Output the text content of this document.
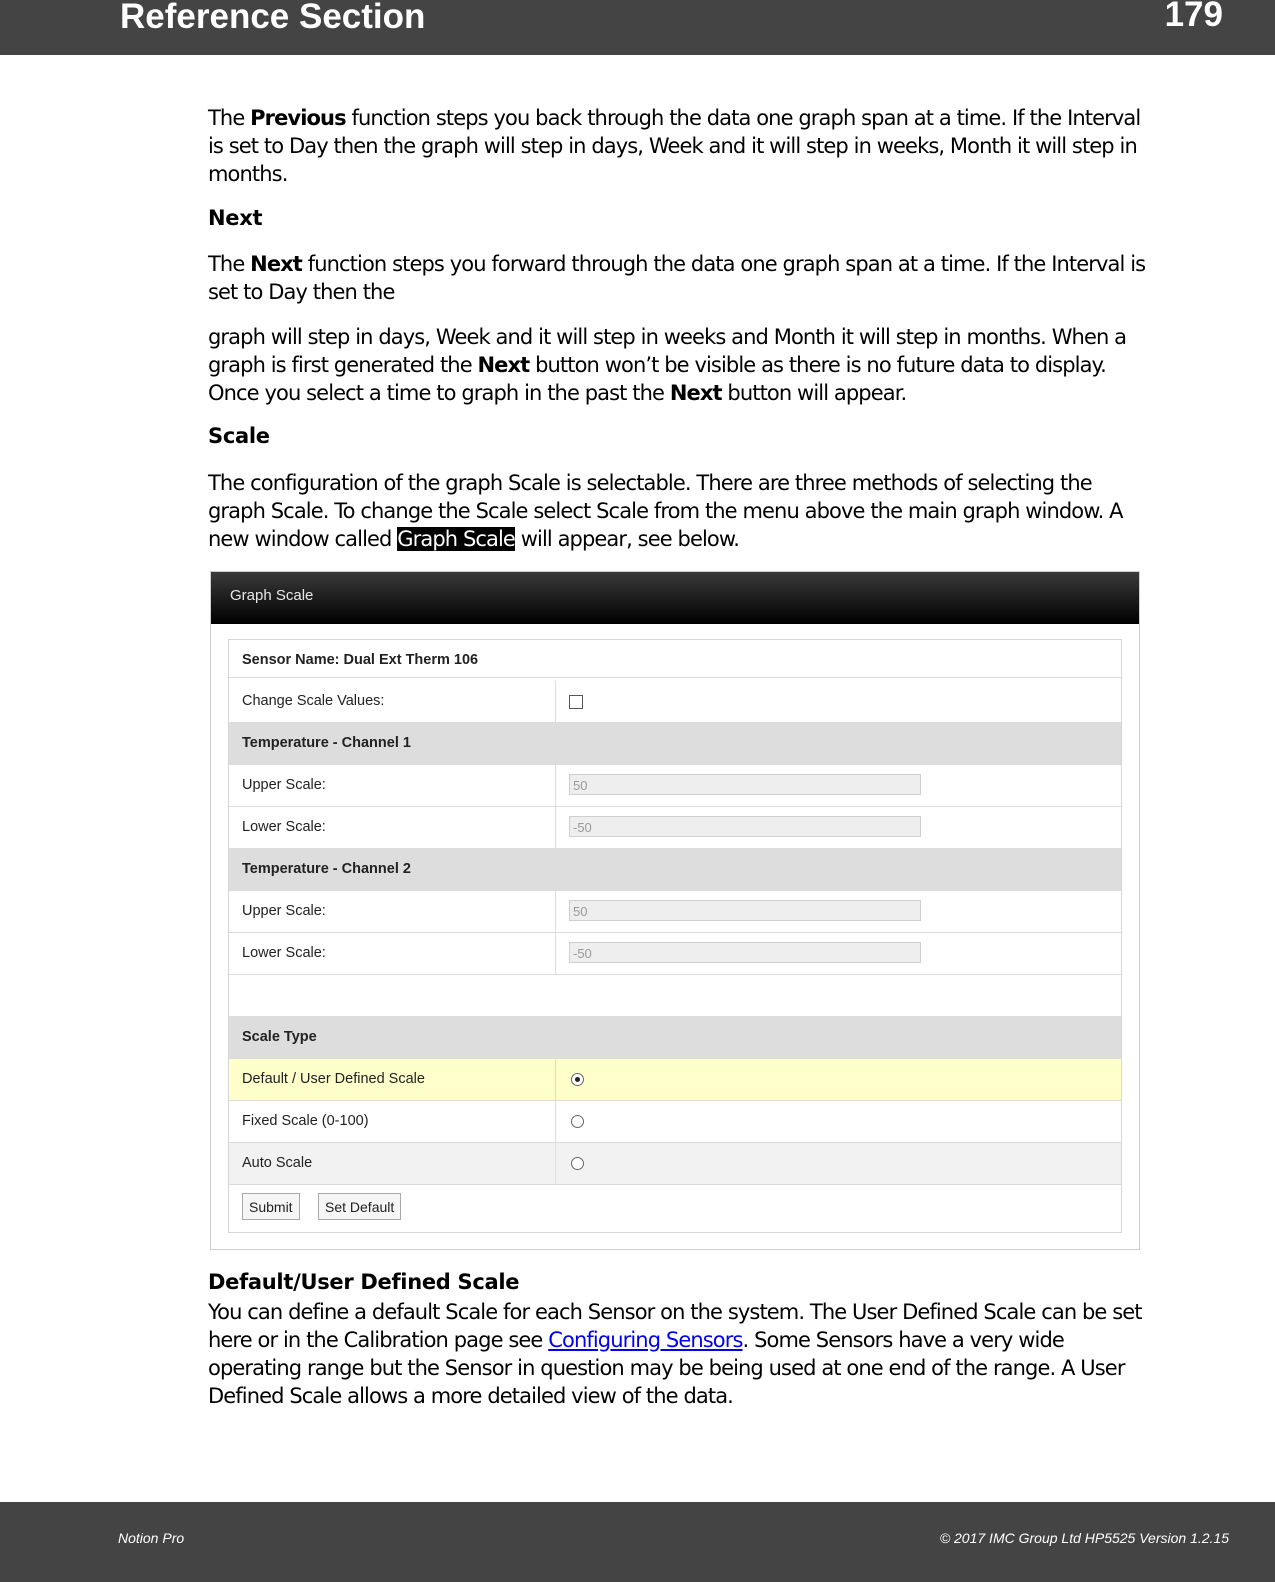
Reference Section	179
The Previous function steps you back through the data one graph span at a time. If the Interval is set to Day then the graph will step in days, Week and it will step in weeks, Month it will step in months.
Next
The Next function steps you forward through the data one graph span at a time. If the Interval is set to Day then the
graph will step in days, Week and it will step in weeks and Month it will step in months. When a graph is first generated the Next button won’t be visible as there is no future data to display. Once you select a time to graph in the past the Next button will appear.
Scale
The configuration of the graph Scale is selectable. There are three methods of selecting the graph Scale. To change the Scale select Scale from the menu above the main graph window. A new window called Graph Scale will appear, see below.
Graph Scale
Sensor Name: Dual Ext Therm 106
Change Scale Values:
Temperature - Channel 1
Upper Scale:	50
Lower Scale:	-50
Temperature - Channel 2
Upper Scale:	50
Lower Scale:	-50
Scale Type
Default / User Defined Scale
Fixed Scale (0-100)
Auto Scale
Submit	Set Default
Default/User Defined Scale
You can define a default Scale for each Sensor on the system. The User Defined Scale can be set here or in the Calibration page see Configuring Sensors. Some Sensors have a very wide operating range but the Sensor in question may be being used at one end of the range. A User Defined Scale allows a more detailed view of the data.
Notion Pro	© 2017 IMC Group Ltd HP5525 Version 1.2.15
